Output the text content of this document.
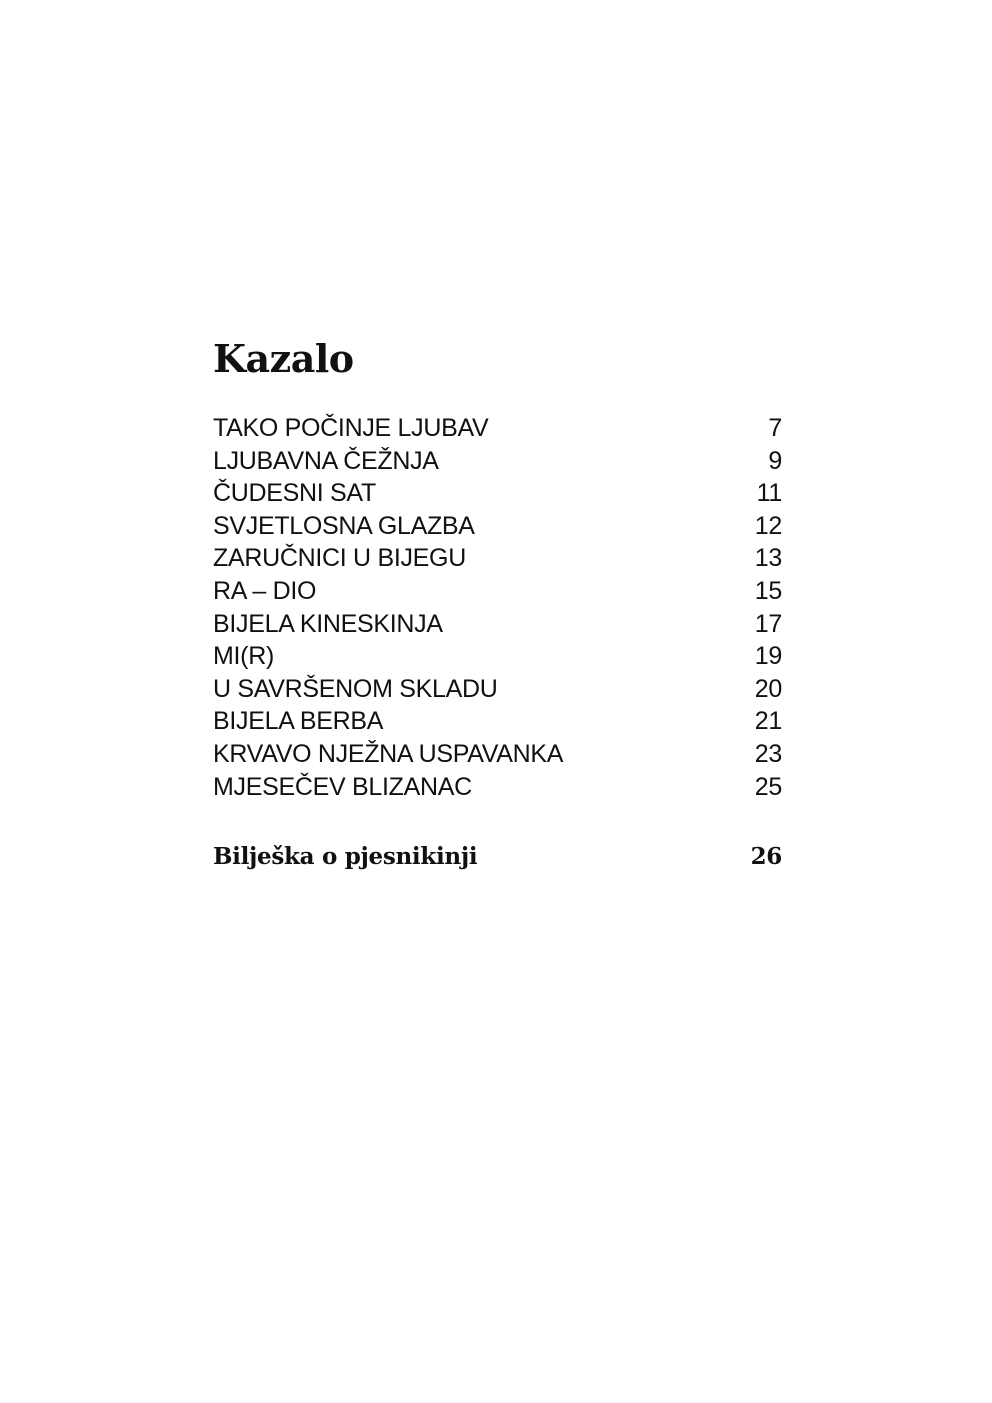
Kazalo
TAKO POČINJE LJUBAV	7
LJUBAVNA ČEŽNJA	9
ČUDESNI SAT	11
SVJETLOSNA GLAZBA	12
ZARUČNICI U BIJEGU	13
RA – DIO	15
BIJELA KINESKINJA	17
MI(R)	19
U SAVRŠENOM SKLADU	20
BIJELA BERBA	21
KRVAVO NJEŽNA USPAVANKA	23
MJESEČEV BLIZANAC	25
Bilješka o pjesnikinji	26
